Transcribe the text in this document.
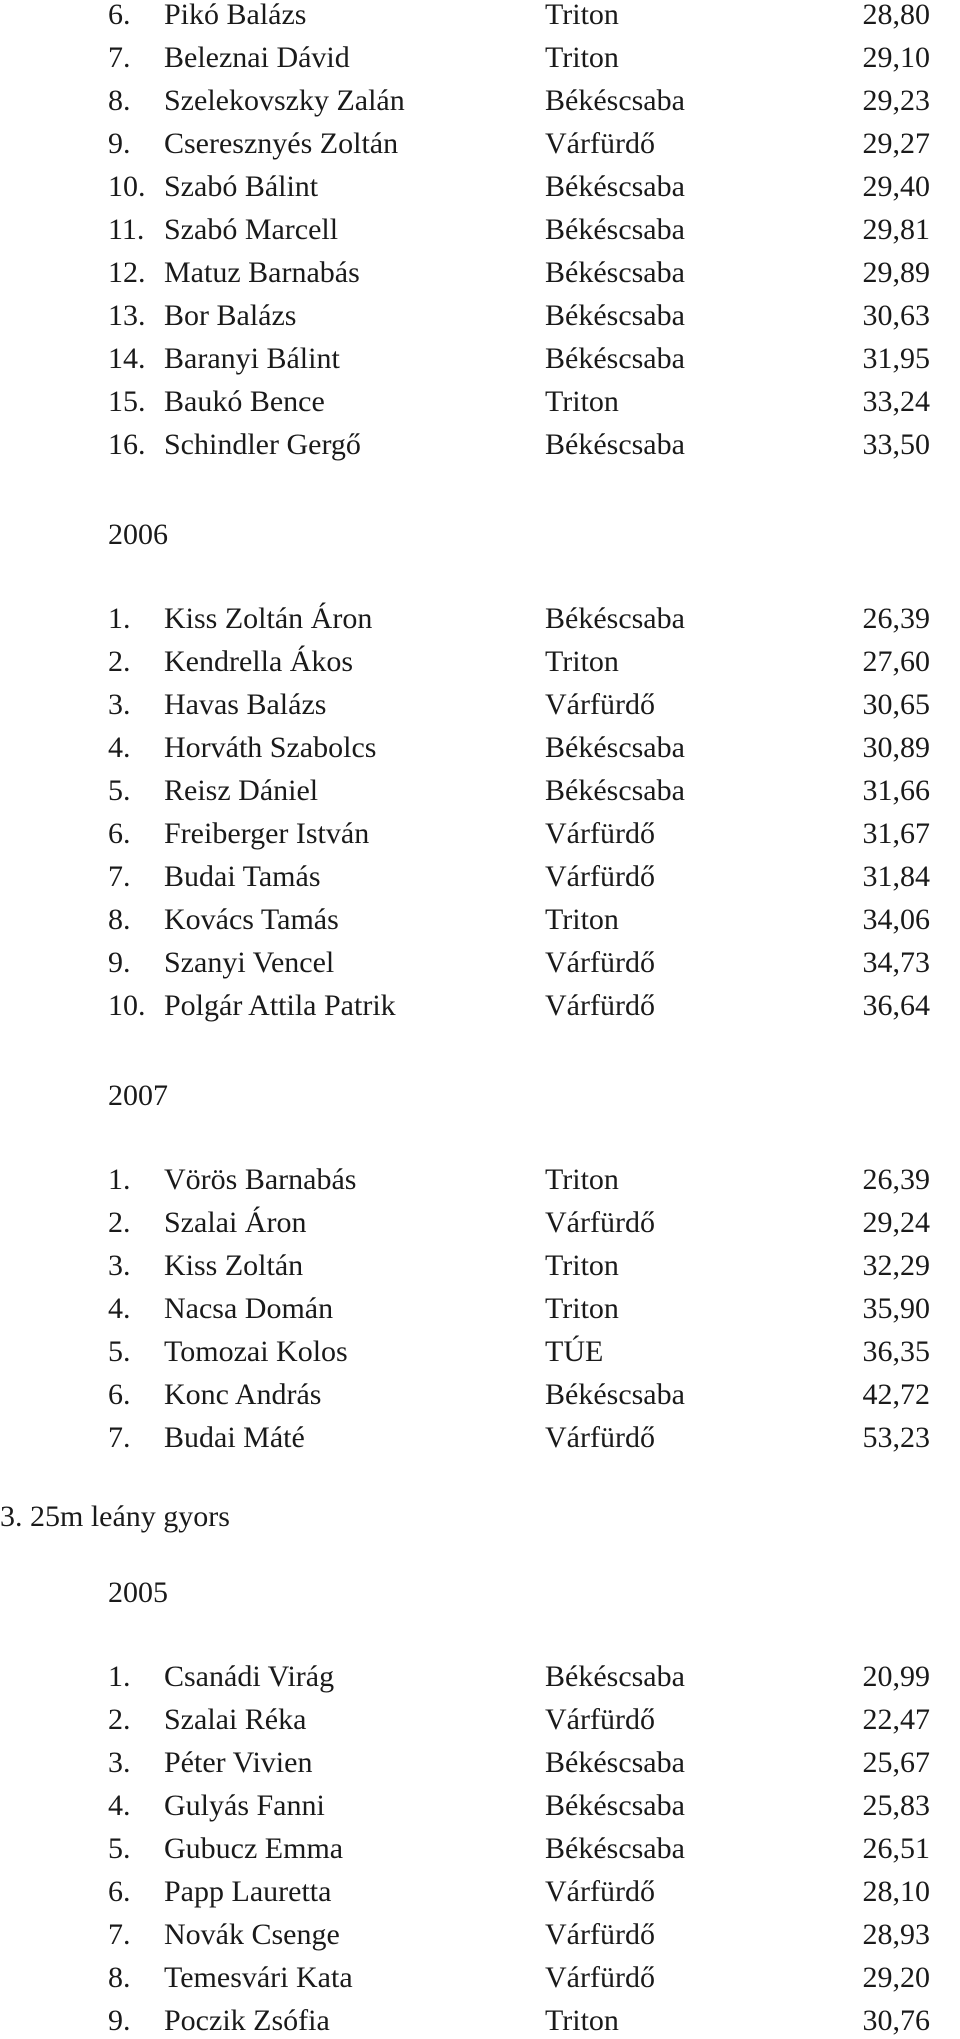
6. Pikó Balázs	Triton	28,80
7. Beleznai Dávid	Triton	29,10
8. Szelekovszky Zalán	Békéscsaba	29,23
9. Cseresznyés Zoltán	Várfürdő	29,27
10. Szabó Bálint	Békéscsaba	29,40
11. Szabó Marcell	Békéscsaba	29,81
12. Matuz Barnabás	Békéscsaba	29,89
13. Bor Balázs	Békéscsaba	30,63
14. Baranyi Bálint	Békéscsaba	31,95
15. Baukó Bence	Triton	33,24
16. Schindler Gergő	Békéscsaba	33,50
2006
1. Kiss Zoltán Áron	Békéscsaba	26,39
2. Kendrella Ákos	Triton	27,60
3. Havas Balázs	Várfürdő	30,65
4. Horváth Szabolcs	Békéscsaba	30,89
5. Reisz Dániel	Békéscsaba	31,66
6. Freiberger István	Várfürdő	31,67
7. Budai Tamás	Várfürdő	31,84
8. Kovács Tamás	Triton	34,06
9. Szanyi Vencel	Várfürdő	34,73
10. Polgár Attila Patrik	Várfürdő	36,64
2007
1. Vörös Barnabás	Triton	26,39
2. Szalai Áron	Várfürdő	29,24
3. Kiss Zoltán	Triton	32,29
4. Nacsa Domán	Triton	35,90
5. Tomozai Kolos	TÚE	36,35
6. Konc András	Békéscsaba	42,72
7. Budai Máté	Várfürdő	53,23
3. 25m leány gyors
2005
1. Csanádi Virág	Békéscsaba	20,99
2. Szalai Réka	Várfürdő	22,47
3. Péter Vivien	Békéscsaba	25,67
4. Gulyás Fanni	Békéscsaba	25,83
5. Gubucz Emma	Békéscsaba	26,51
6. Papp Lauretta	Várfürdő	28,10
7. Novák Csenge	Várfürdő	28,93
8. Temesvári Kata	Várfürdő	29,20
9. Poczik Zsófia	Triton	30,76
